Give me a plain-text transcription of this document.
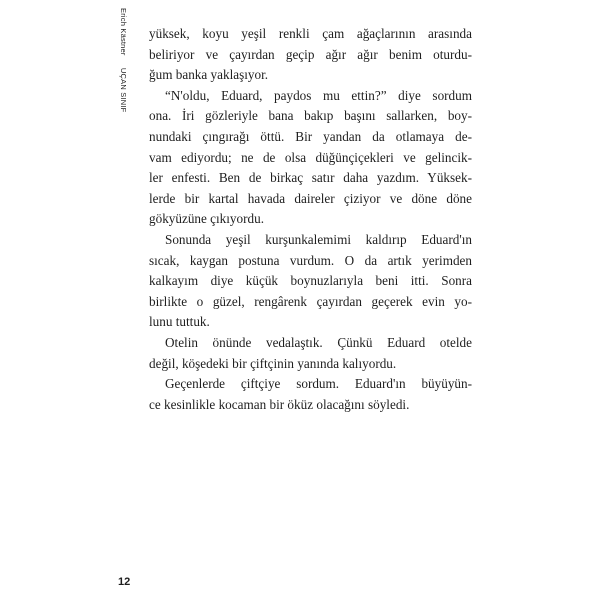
Erich Kästner UÇAN SINIF
yüksek, koyu yeşil renkli çam ağaçlarının arasında
beliriyor ve çayırdan geçip ağır ağır benim oturdu-
ğum banka yaklaşıyor.
“N'oldu, Eduard, paydos mu ettin?” diye sordum
ona. İri gözleriyle bana bakıp başını sallarken, boy-
nundaki çıngırağı öttü. Bir yandan da otlamaya de-
vam ediyordu; ne de olsa düğünçiçekleri ve gelincik-
ler enfesti. Ben de birkaç satır daha yazdım. Yüksek-
lerde bir kartal havada daireler çiziyor ve döne döne
gökyüzüne çıkıyordu.
Sonunda yeşil kurşunkalemimi kaldırıp Eduard'ın
sıcak, kaygan postuna vurdum. O da artık yerimden
kalkayım diye küçük boynuzlarıyla beni itti. Sonra
birlikte o güzel, rengârenk çayırdan geçerek evin yo-
lunu tuttuk.
Otelin önünde vedalaştık. Çünkü Eduard otelde
değil, köşedeki bir çiftçinin yanında kalıyordu.
Geçenlerde çiftçiye sordum. Eduard'ın büyüyün-
ce kesinlikle kocaman bir öküz olacağını söyledi.
12
